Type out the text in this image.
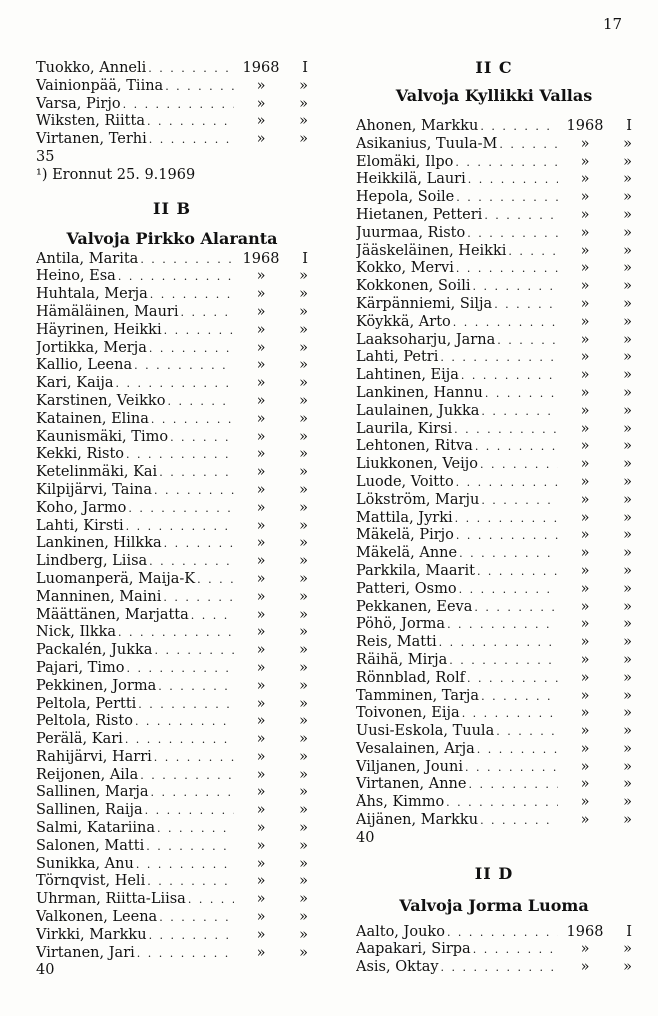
17
Tuokko, Anneli . . .	1968	I
Vainionpää, Tiina . . .	»	»
Varsa, Pirjo . . .	»	»
Wiksten, Riitta . . .	»	»
Virtanen, Terhi . . .	»	»
35
¹) Eronnut 25. 9.1969
II B
Valvoja Pirkko Alaranta
Antila, Marita . . .	1968	I
Heino, Esa . . .	»	»
Huhtala, Merja . . .	»	»
Hämäläinen, Mauri . . .	»	»
Häyrinen, Heikki . . .	»	»
Jortikka, Merja . . .	»	»
Kallio, Leena . . .	»	»
Kari, Kaija . . .	»	»
Karstinen, Veikko . . .	»	»
Katainen, Elina . . .	»	»
Kaunismäki, Timo . . .	»	»
Kekki, Risto . . .	»	»
Ketelinmäki, Kai . . .	»	»
Kilpijärvi, Taina . . .	»	»
Koho, Jarmo . . .	»	»
Lahti, Kirsti . . .	»	»
Lankinen, Hilkka . . .	»	»
Lindberg, Liisa . . .	»	»
Luomanperä, Maija-K . . .	»	»
Manninen, Maini . . .	»	»
Määttänen, Marjatta . . .	»	»
Nick, Ilkka . . .	»	»
Packalén, Jukka . . .	»	»
Pajari, Timo . . .	»	»
Pekkinen, Jorma . . .	»	»
Peltola, Pertti . . .	»	»
Peltola, Risto . . .	»	»
Perälä, Kari . . .	»	»
Rahijärvi, Harri . . .	»	»
Reijonen, Aila . . .	»	»
Sallinen, Marja . . .	»	»
Sallinen, Raija . . .	»	»
Salmi, Katariina . . .	»	»
Salonen, Matti . . .	»	»
Sunikka, Anu . . .	»	»
Törnqvist, Heli . . .	»	»
Uhrman, Riitta-Liisa . . .	»	»
Valkonen, Leena . . .	»	»
Virkki, Markku . . .	»	»
Virtanen, Jari . . .	»	»
40
II C
Valvoja Kyllikki Vallas
Ahonen, Markku . . .	1968	I
Asikanius, Tuula-M . . .	»	»
Elomäki, Ilpo . . .	»	»
Heikkilä, Lauri . . .	»	»
Hepola, Soile . . .	»	»
Hietanen, Petteri . . .	»	»
Juurmaa, Risto . . .	»	»
Jääskeläinen, Heikki . . .	»	»
Kokko, Mervi . . .	»	»
Kokkonen, Soili . . .	»	»
Kärpänniemi, Silja . . .	»	»
Köykkä, Arto . . .	»	»
Laaksoharju, Jarna . . .	»	»
Lahti, Petri . . .	»	»
Lahtinen, Eija . . .	»	»
Lankinen, Hannu . . .	»	»
Laulainen, Jukka . . .	»	»
Laurila, Kirsi . . .	»	»
Lehtonen, Ritva . . .	»	»
Liukkonen, Veijo . . .	»	»
Luode, Voitto . . .	»	»
Lökström, Marju . . .	»	»
Mattila, Jyrki . . .	»	»
Mäkelä, Pirjo . . .	»	»
Mäkelä, Anne . . .	»	»
Parkkila, Maarit . . .	»	»
Patteri, Osmo . . .	»	»
Pekkanen, Eeva . . .	»	»
Pöhö, Jorma . . .	»	»
Reis, Matti . . .	»	»
Räihä, Mirja . . .	»	»
Rönnblad, Rolf . . .	»	»
Tamminen, Tarja . . .	»	»
Toivonen, Eija . . .	»	»
Uusi-Eskola, Tuula . . .	»	»
Vesalainen, Arja . . .	»	»
Viljanen, Jouni . . .	»	»
Virtanen, Anne . . .	»	»
Åhs, Kimmo . . .	»	»
Äijänen, Markku . . .	»	»
40
II D
Valvoja Jorma Luoma
Aalto, Jouko . . .	1968	I
Aapakari, Sirpa . . .	»	»
Asis, Oktay . . .	»	»
